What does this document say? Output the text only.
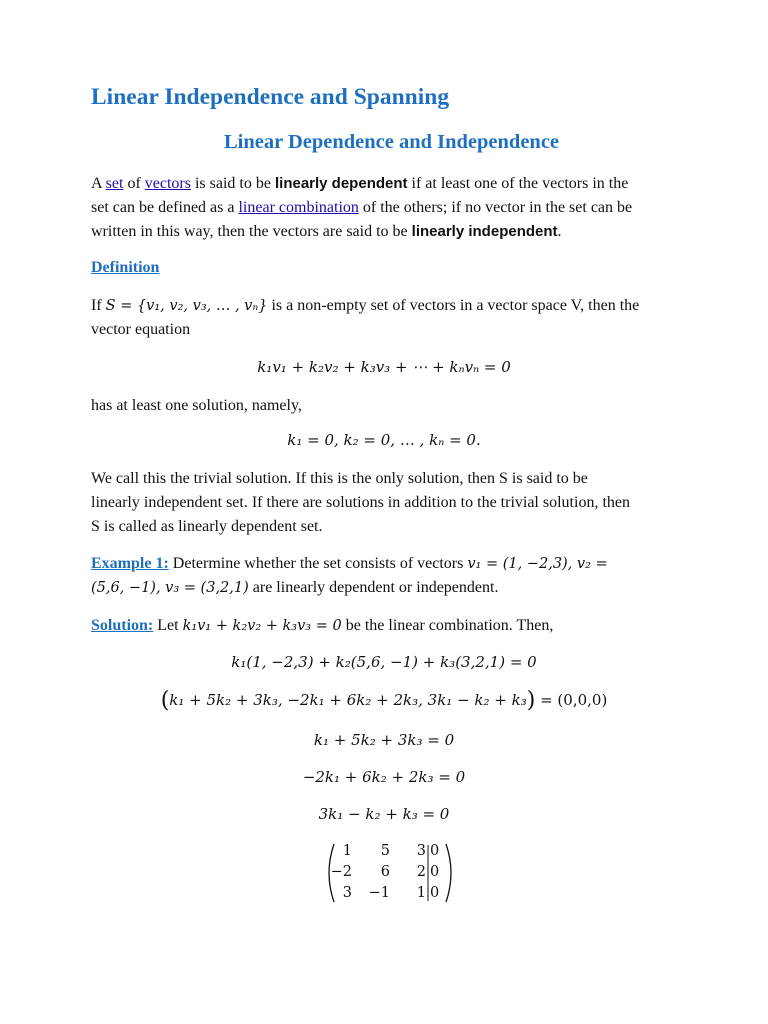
Linear Independence and Spanning
Linear Dependence and Independence

A set of vectors is said to be linearly dependent if at least one of the vectors in the
set can be defined as a linear combination of the others; if no vector in the set can be
written in this way, then the vectors are said to be linearly independent.

Definition

If S = {v₁, v₂, v₃, … , vₙ} is a non-empty set of vectors in a vector space V, then the
vector equation

k₁v₁ + k₂v₂ + k₃v₃ + ⋯ + kₙvₙ = 0

has at least one solution, namely,

k₁ = 0, k₂ = 0, … , kₙ = 0.

We call this the trivial solution. If this is the only solution, then S is said to be
linearly independent set. If there are solutions in addition to the trivial solution, then
S is called as linearly dependent set.

Example 1: Determine whether the set consists of vectors v₁ = (1, −2,3), v₂ =
(5,6, −1), v₃ = (3,2,1) are linearly dependent or independent.

Solution: Let k₁v₁ + k₂v₂ + k₃v₃ = 0 be the linear combination. Then,

k₁(1, −2,3) + k₂(5,6, −1) + k₃(3,2,1) = 0
(k₁ + 5k₂ + 3k₃, −2k₁ + 6k₂ + 2k₃, 3k₁ − k₂ + k₃) = (0,0,0)
k₁ + 5k₂ + 3k₃ = 0
−2k₁ + 6k₂ + 2k₃ = 0
3k₁ − k₂ + k₃ = 0
1	5	3 0
−2	6	2 0
3	−1	1 0
